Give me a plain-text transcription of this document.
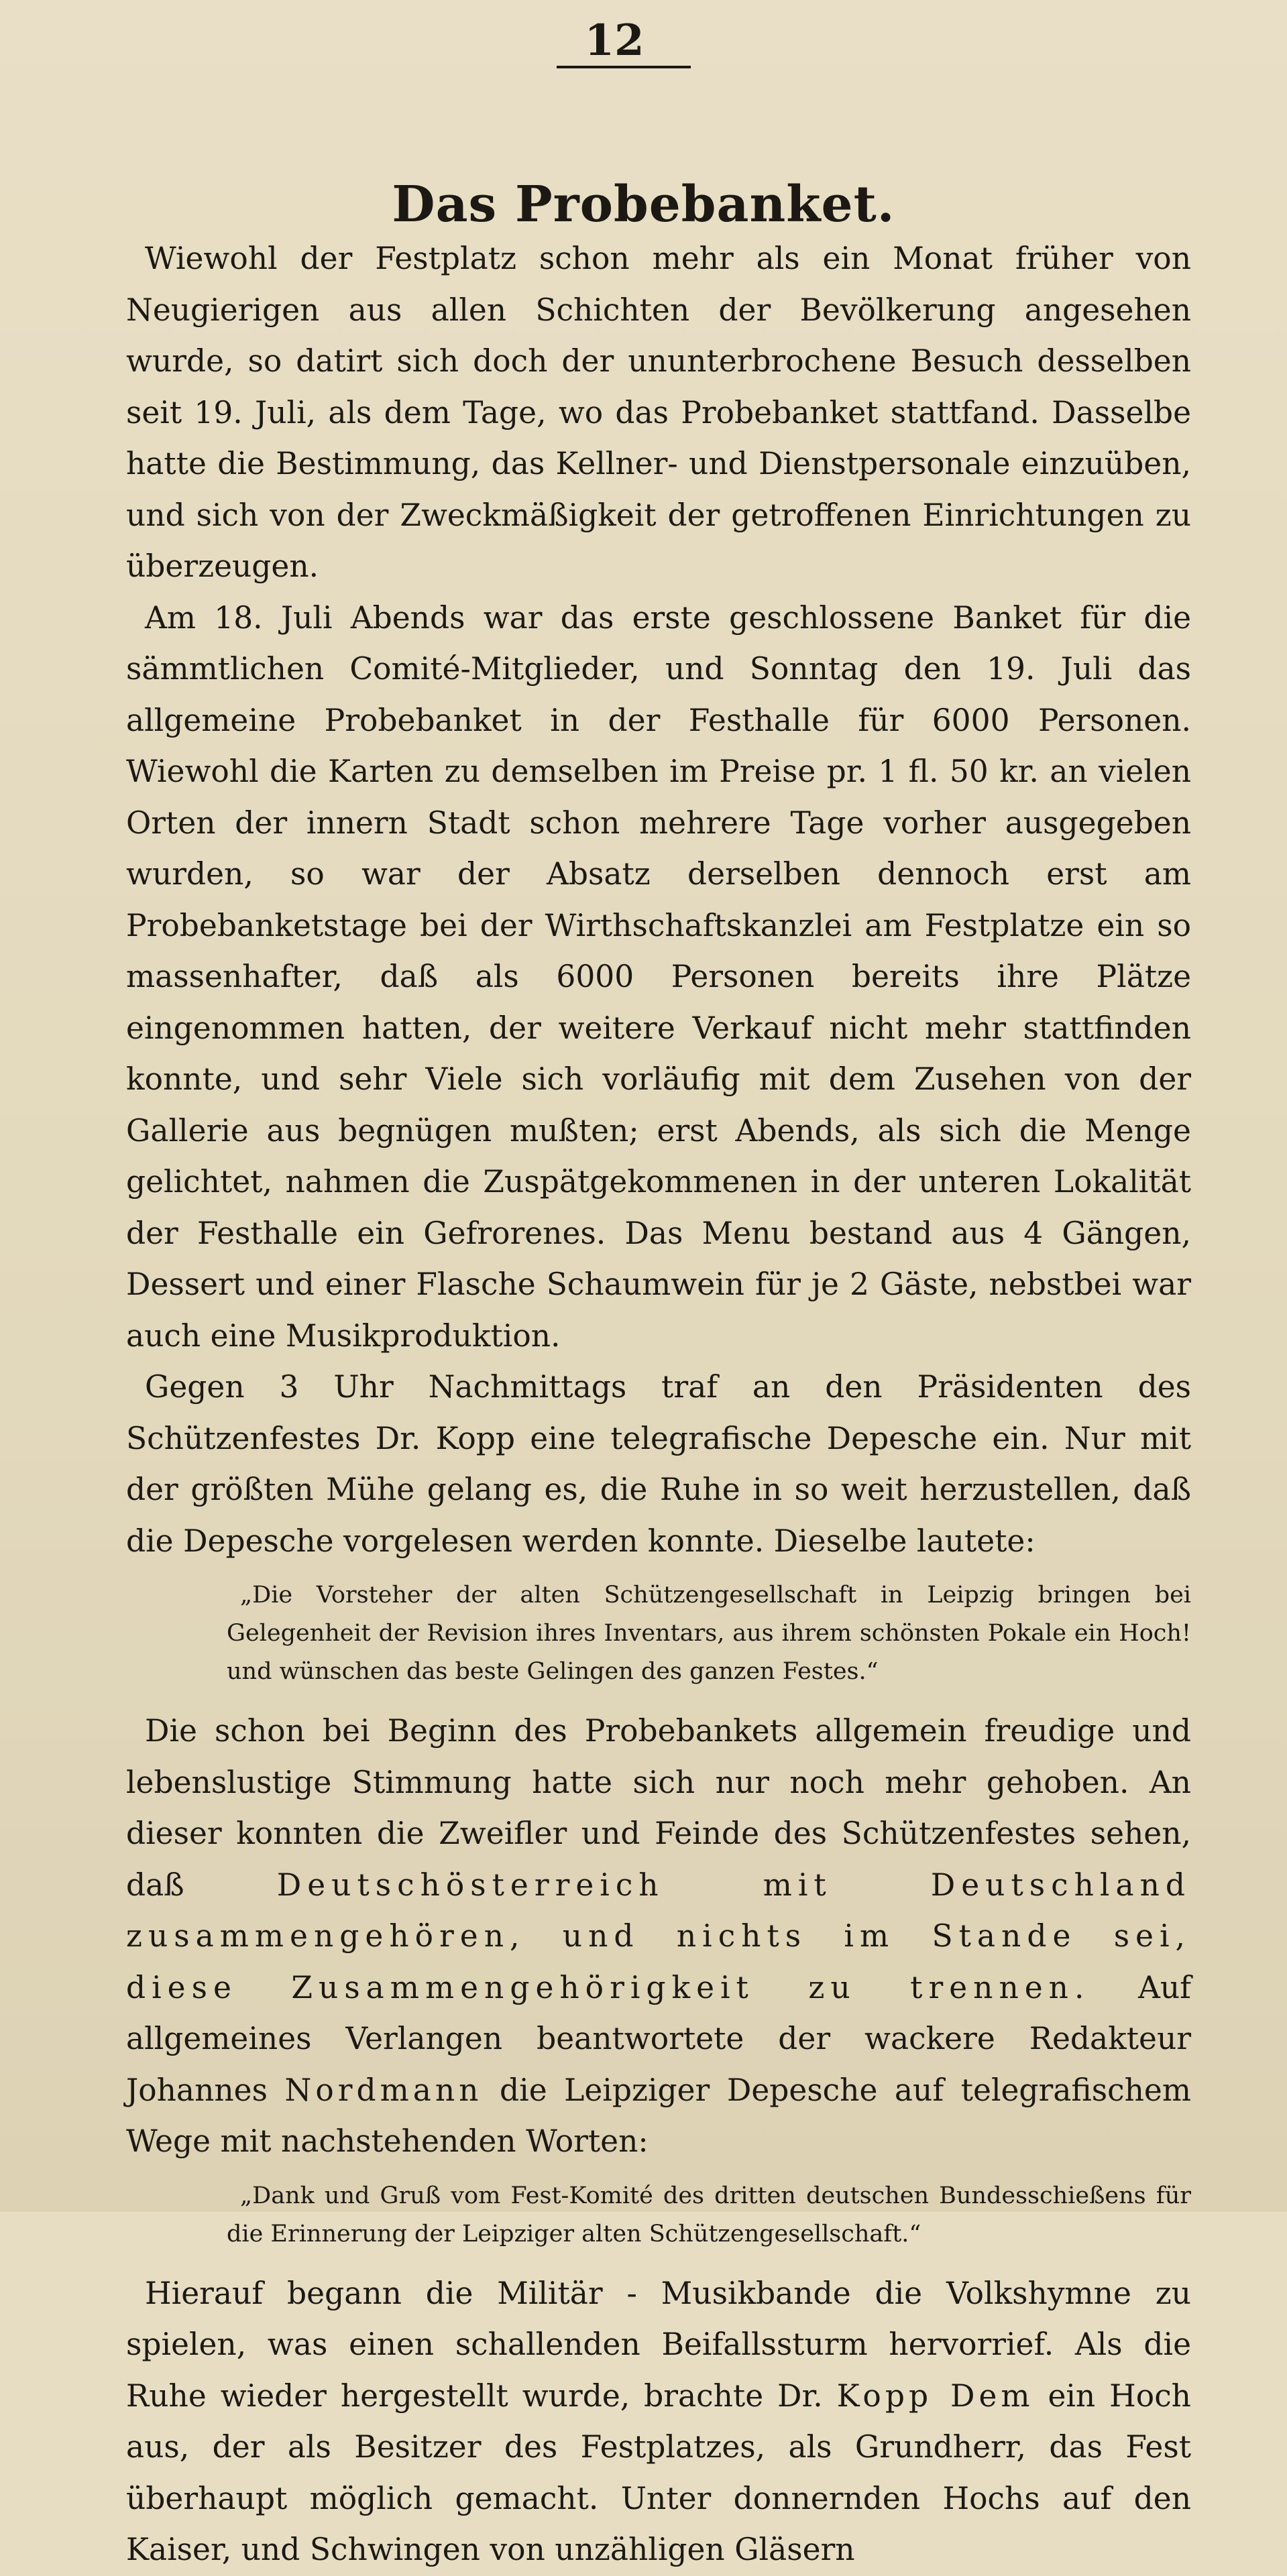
12
Das Probebanket.

Wiewohl der Festplatz schon mehr als ein Monat früher von Neugierigen aus allen Schichten der Bevölkerung angesehen wurde, so datirt sich doch der ununterbrochene Besuch desselben seit 19. Juli, als dem Tage, wo das Probebanket stattfand. Dasselbe hatte die Bestimmung, das Kellner- und Dienstpersonale einzuüben, und sich von der Zweckmäßigkeit der getroffenen Einrichtungen zu überzeugen.

Am 18. Juli Abends war das erste geschlossene Banket für die sämmtlichen Comité-Mitglieder, und Sonntag den 19. Juli das allgemeine Probebanket in der Festhalle für 6000 Personen. Wiewohl die Karten zu demselben im Preise pr. 1 fl. 50 kr. an vielen Orten der innern Stadt schon mehrere Tage vorher ausgegeben wurden, so war der Absatz derselben dennoch erst am Probebanketstage bei der Wirthschaftskanzlei am Festplatze ein so massenhafter, daß als 6000 Personen bereits ihre Plätze eingenommen hatten, der weitere Verkauf nicht mehr stattfinden konnte, und sehr Viele sich vorläufig mit dem Zusehen von der Gallerie aus begnügen mußten; erst Abends, als sich die Menge gelichtet, nahmen die Zuspätgekommenen in der unteren Lokalität der Festhalle ein Gefrorenes. Das Menu bestand aus 4 Gängen, Dessert und einer Flasche Schaumwein für je 2 Gäste, nebstbei war auch eine Musikproduktion.

Gegen 3 Uhr Nachmittags traf an den Präsidenten des Schützenfestes Dr. Kopp eine telegrafische Depesche ein. Nur mit der größten Mühe gelang es, die Ruhe in so weit herzustellen, daß die Depesche vorgelesen werden konnte. Dieselbe lautete:

„Die Vorsteher der alten Schützengesellschaft in Leipzig bringen bei Gelegenheit der Revision ihres Inventars, aus ihrem schönsten Pokale ein Hoch! und wünschen das beste Gelingen des ganzen Festes.“

Die schon bei Beginn des Probebankets allgemein freudige und lebenslustige Stimmung hatte sich nur noch mehr gehoben. An dieser konnten die Zweifler und Feinde des Schützenfestes sehen, daß	Deutschösterreich mit Deutschland zusammengehören, und nichts im Stande sei, diese Zusammengehörigkeit zu trennen. Auf allgemeines Verlangen beantwortete der wackere Redakteur Johannes Nordmann die Leipziger Depesche auf telegrafischem Wege mit nachstehenden Worten:

„Dank und Gruß vom Fest-Komité des dritten deutschen Bundesschießens für die Erinnerung der Leipziger alten Schützengesellschaft.“

Hierauf begann die Militär - Musikbande die Volkshymne zu spielen, was einen schallenden Beifallssturm hervorrief. Als die Ruhe wieder hergestellt wurde, brachte Dr. Kopp Dem ein Hoch aus, der als Besitzer des Festplatzes, als Grundherr, das Fest überhaupt möglich gemacht. Unter donnernden Hochs auf den Kaiser, und Schwingen von unzähligen Gläsern
